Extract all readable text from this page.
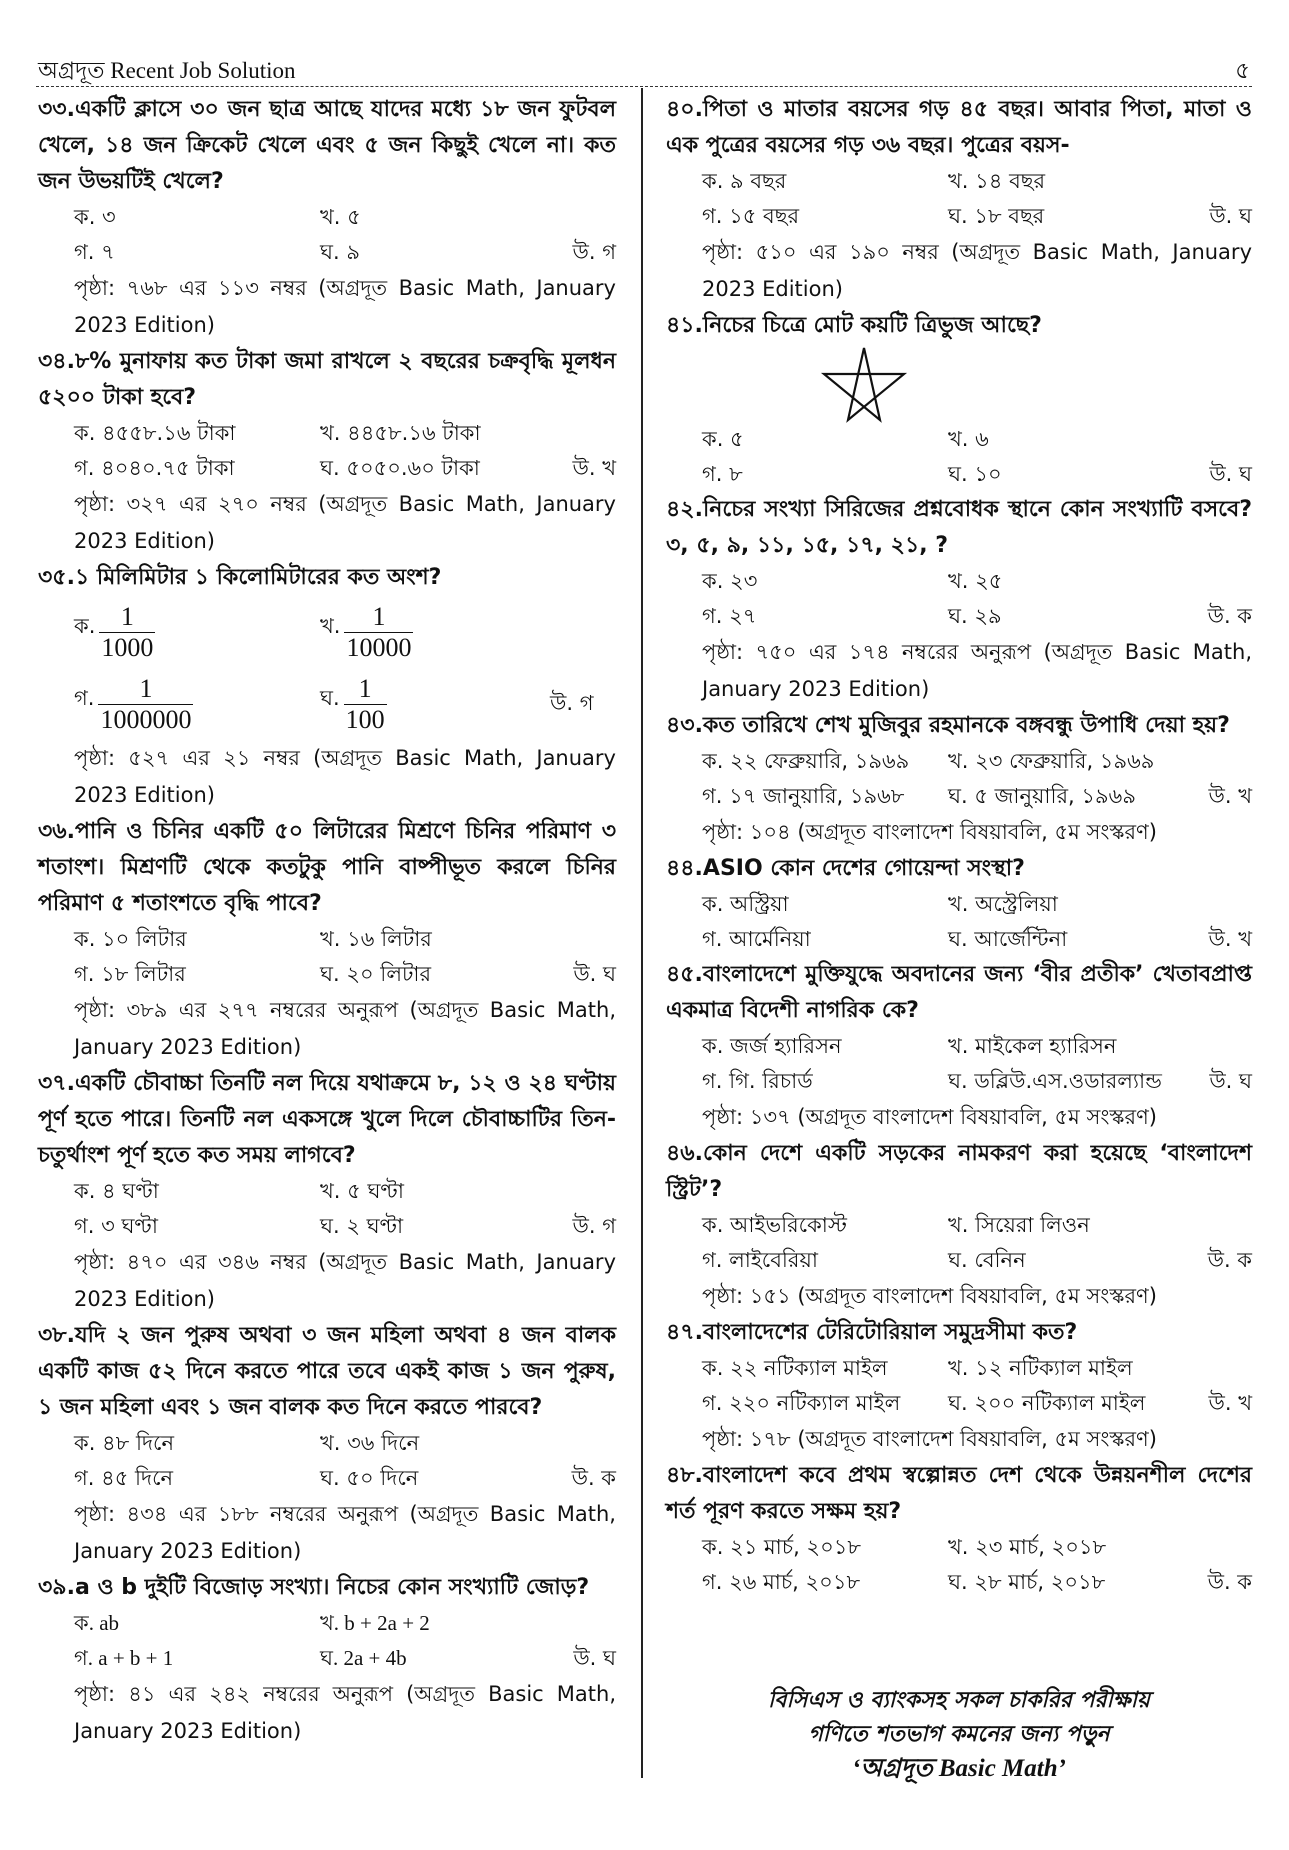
অগ্রদূত Recent Job Solution	৫
৩৩.একটি ক্লাসে ৩০ জন ছাত্র আছে যাদের মধ্যে ১৮ জন ফুটবল খেলে, ১৪ জন ক্রিকেট খেলে এবং ৫ জন কিছুই খেলে না। কত জন উভয়টিই খেলে?
ক. ৩	খ. ৫
গ. ৭	ঘ. ৯	উ. গ
পৃষ্ঠা: ৭৬৮ এর ১১৩ নম্বর (অগ্রদূত Basic Math, January 2023 Edition)
৩৪.৮% মুনাফায় কত টাকা জমা রাখলে ২ বছরের চক্রবৃদ্ধি মূলধন ৫২০০ টাকা হবে?
ক. ৪৫৫৮.১৬ টাকা	খ. ৪৪৫৮.১৬ টাকা
গ. ৪০৪০.৭৫ টাকা	ঘ. ৫০৫০.৬০ টাকা	উ. খ
পৃষ্ঠা: ৩২৭ এর ২৭০ নম্বর (অগ্রদূত Basic Math, January 2023 Edition)
৩৫.১ মিলিমিটার ১ কিলোমিটারের কত অংশ?
ক. $\frac{1}{1000}$	খ. $\frac{1}{10000}$
গ. $\frac{1}{1000000}$	ঘ. $\frac{1}{100}$	উ. গ
পৃষ্ঠা: ৫২৭ এর ২১ নম্বর (অগ্রদূত Basic Math, January 2023 Edition)
৩৬.পানি ও চিনির একটি ৫০ লিটারের মিশ্রণে চিনির পরিমাণ ৩ শতাংশ। মিশ্রণটি থেকে কতটুকু পানি বাষ্পীভূত করলে চিনির পরিমাণ ৫ শতাংশতে বৃদ্ধি পাবে?
ক. ১০ লিটার	খ. ১৬ লিটার
গ. ১৮ লিটার	ঘ. ২০ লিটার	উ. ঘ
পৃষ্ঠা: ৩৮৯ এর ২৭৭ নম্বরের অনুরূপ (অগ্রদূত Basic Math, January 2023 Edition)
৩৭.একটি চৌবাচ্চা তিনটি নল দিয়ে যথাক্রমে ৮, ১২ ও ২৪ ঘণ্টায় পূর্ণ হতে পারে। তিনটি নল একসঙ্গে খুলে দিলে চৌবাচ্চাটির তিন-চতুর্থাংশ পূর্ণ হতে কত সময় লাগবে?
ক. ৪ ঘণ্টা	খ. ৫ ঘণ্টা
গ. ৩ ঘণ্টা	ঘ. ২ ঘণ্টা	উ. গ
পৃষ্ঠা: ৪৭০ এর ৩৪৬ নম্বর (অগ্রদূত Basic Math, January 2023 Edition)
৩৮.যদি ২ জন পুরুষ অথবা ৩ জন মহিলা অথবা ৪ জন বালক একটি কাজ ৫২ দিনে করতে পারে তবে একই কাজ ১ জন পুরুষ, ১ জন মহিলা এবং ১ জন বালক কত দিনে করতে পারবে?
ক. ৪৮ দিনে	খ. ৩৬ দিনে
গ. ৪৫ দিনে	ঘ. ৫০ দিনে	উ. ক
পৃষ্ঠা: ৪৩৪ এর ১৮৮ নম্বরের অনুরূপ (অগ্রদূত Basic Math, January 2023 Edition)
৩৯.a ও b দুইটি বিজোড় সংখ্যা। নিচের কোন সংখ্যাটি জোড়?
ক. ab	খ. b + 2a + 2
গ. a + b + 1	ঘ. 2a + 4b	উ. ঘ
পৃষ্ঠা: ৪১ এর ২৪২ নম্বরের অনুরূপ (অগ্রদূত Basic Math, January 2023 Edition)
৪০.পিতা ও মাতার বয়সের গড় ৪৫ বছর। আবার পিতা, মাতা ও এক পুত্রের বয়সের গড় ৩৬ বছর। পুত্রের বয়স-
ক. ৯ বছর	খ. ১৪ বছর
গ. ১৫ বছর	ঘ. ১৮ বছর	উ. ঘ
পৃষ্ঠা: ৫১০ এর ১৯০ নম্বর (অগ্রদূত Basic Math, January 2023 Edition)
৪১.নিচের চিত্রে মোট কয়টি ত্রিভুজ আছে?
ক. ৫	খ. ৬
গ. ৮	ঘ. ১০	উ. ঘ
৪২.নিচের সংখ্যা সিরিজের প্রশ্নবোধক স্থানে কোন সংখ্যাটি বসবে? ৩, ৫, ৯, ১১, ১৫, ১৭, ২১, ?
ক. ২৩	খ. ২৫
গ. ২৭	ঘ. ২৯	উ. ক
পৃষ্ঠা: ৭৫০ এর ১৭৪ নম্বরের অনুরূপ (অগ্রদূত Basic Math, January 2023 Edition)
৪৩.কত তারিখে শেখ মুজিবুর রহমানকে বঙ্গবন্ধু উপাধি দেয়া হয়?
ক. ২২ ফেব্রুয়ারি, ১৯৬৯	খ. ২৩ ফেব্রুয়ারি, ১৯৬৯
গ. ১৭ জানুয়ারি, ১৯৬৮	ঘ. ৫ জানুয়ারি, ১৯৬৯	উ. খ
পৃষ্ঠা: ১০৪ (অগ্রদূত বাংলাদেশ বিষয়াবলি, ৫ম সংস্করণ)
৪৪.ASIO কোন দেশের গোয়েন্দা সংস্থা?
ক. অস্ট্রিয়া	খ. অস্ট্রেলিয়া
গ. আর্মেনিয়া	ঘ. আর্জেন্টিনা	উ. খ
৪৫.বাংলাদেশে মুক্তিযুদ্ধে অবদানের জন্য ‘বীর প্রতীক’ খেতাবপ্রাপ্ত একমাত্র বিদেশী নাগরিক কে?
ক. জর্জ হ্যারিসন	খ. মাইকেল হ্যারিসন
গ. গি. রিচার্ড	ঘ. ডব্লিউ.এস.ওডারল্যান্ড	উ. ঘ
পৃষ্ঠা: ১৩৭ (অগ্রদূত বাংলাদেশ বিষয়াবলি, ৫ম সংস্করণ)
৪৬.কোন দেশে একটি সড়কের নামকরণ করা হয়েছে ‘বাংলাদেশ স্ট্রিট’?
ক. আইভরিকোস্ট	খ. সিয়েরা লিওন
গ. লাইবেরিয়া	ঘ. বেনিন	উ. ক
পৃষ্ঠা: ১৫১ (অগ্রদূত বাংলাদেশ বিষয়াবলি, ৫ম সংস্করণ)
৪৭.বাংলাদেশের টেরিটোরিয়াল সমুদ্রসীমা কত?
ক. ২২ নটিক্যাল মাইল	খ. ১২ নটিক্যাল মাইল
গ. ২২০ নটিক্যাল মাইল	ঘ. ২০০ নটিক্যাল মাইল	উ. খ
পৃষ্ঠা: ১৭৮ (অগ্রদূত বাংলাদেশ বিষয়াবলি, ৫ম সংস্করণ)
৪৮.বাংলাদেশ কবে প্রথম স্বল্পোন্নত দেশ থেকে উন্নয়নশীল দেশের শর্ত পূরণ করতে সক্ষম হয়?
ক. ২১ মার্চ, ২০১৮	খ. ২৩ মার্চ, ২০১৮
গ. ২৬ মার্চ, ২০১৮	ঘ. ২৮ মার্চ, ২০১৮	উ. ক
বিসিএস ও ব্যাংকসহ সকল চাকরির পরীক্ষায়
গণিতে শতভাগ কমনের জন্য পড়ুন
‘অগ্রদূত Basic Math’
